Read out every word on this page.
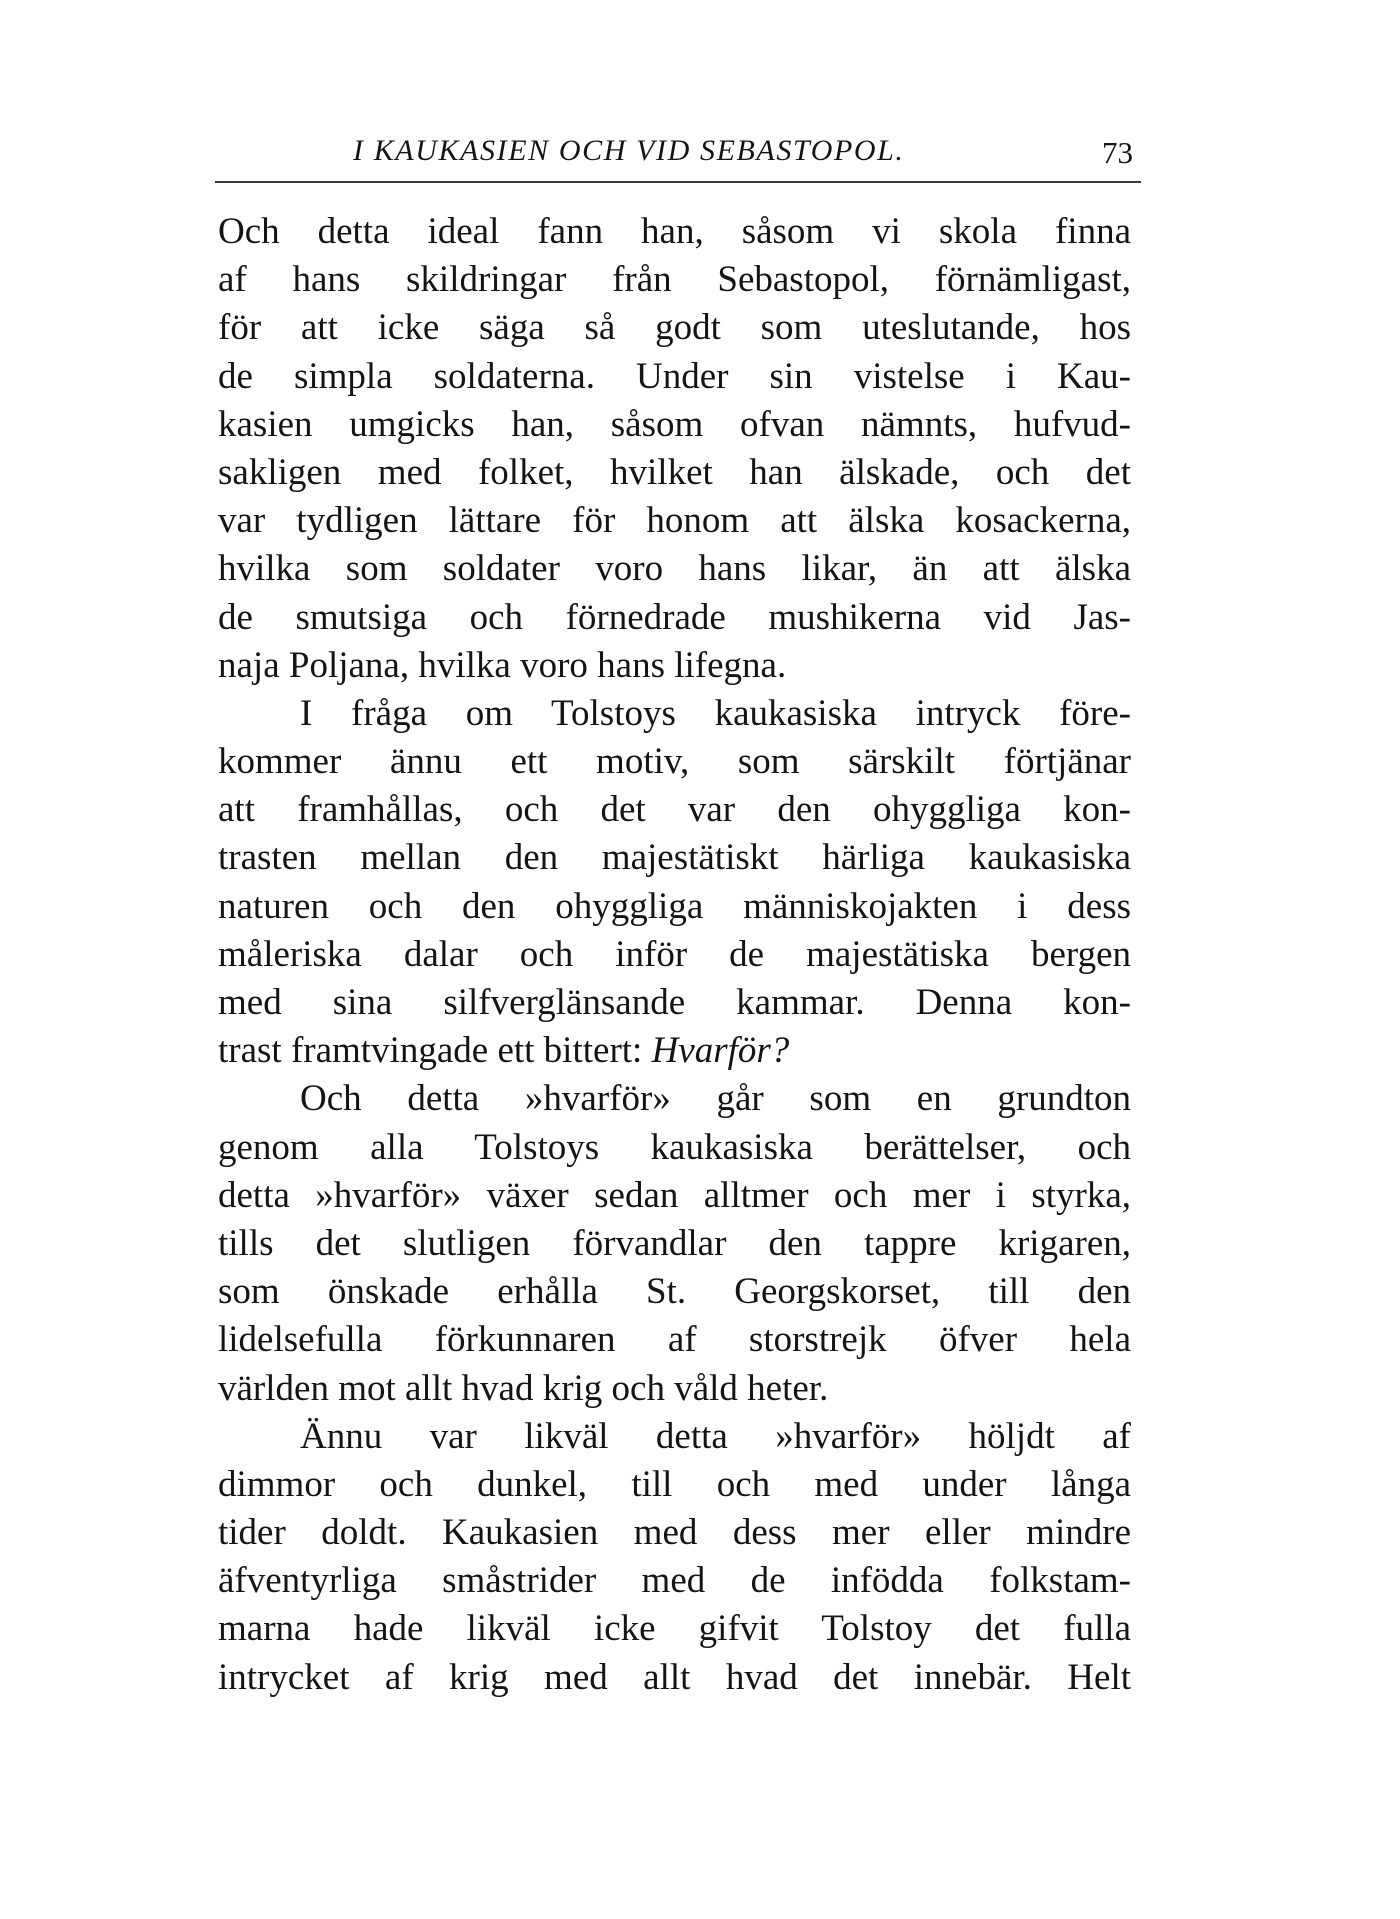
I KAUKASIEN OCH VID SEBASTOPOL.	73
Och detta ideal fann han, såsom vi skola finna
af hans skildringar från Sebastopol, förnämligast,
för att icke säga så godt som uteslutande, hos
de simpla soldaterna. Under sin vistelse i Kau-
kasien umgicks han, såsom ofvan nämnts, hufvud-
sakligen med folket, hvilket han älskade, och det
var tydligen lättare för honom att älska kosackerna,
hvilka som soldater voro hans likar, än att älska
de smutsiga och förnedrade mushikerna vid Jas-
naja Poljana, hvilka voro hans lifegna.
I fråga om Tolstoys kaukasiska intryck före-
kommer ännu ett motiv, som särskilt förtjänar
att framhållas, och det var den ohyggliga kon-
trasten mellan den majestätiskt härliga kaukasiska
naturen och den ohyggliga människojakten i dess
måleriska dalar och inför de majestätiska bergen
med sina silfverglänsande kammar. Denna kon-
trast framtvingade ett bittert: Hvarför?
Och detta »hvarför» går som en grundton
genom alla Tolstoys kaukasiska berättelser, och
detta »hvarför» växer sedan alltmer och mer i styrka,
tills det slutligen förvandlar den tappre krigaren,
som önskade erhålla St. Georgskorset, till den
lidelsefulla förkunnaren af storstrejk öfver hela
världen mot allt hvad krig och våld heter.
Ännu var likväl detta »hvarför» höljdt af
dimmor och dunkel, till och med under långa
tider doldt. Kaukasien med dess mer eller mindre
äfventyrliga småstrider med de infödda folkstam-
marna hade likväl icke gifvit Tolstoy det fulla
intrycket af krig med allt hvad det innebär. Helt
